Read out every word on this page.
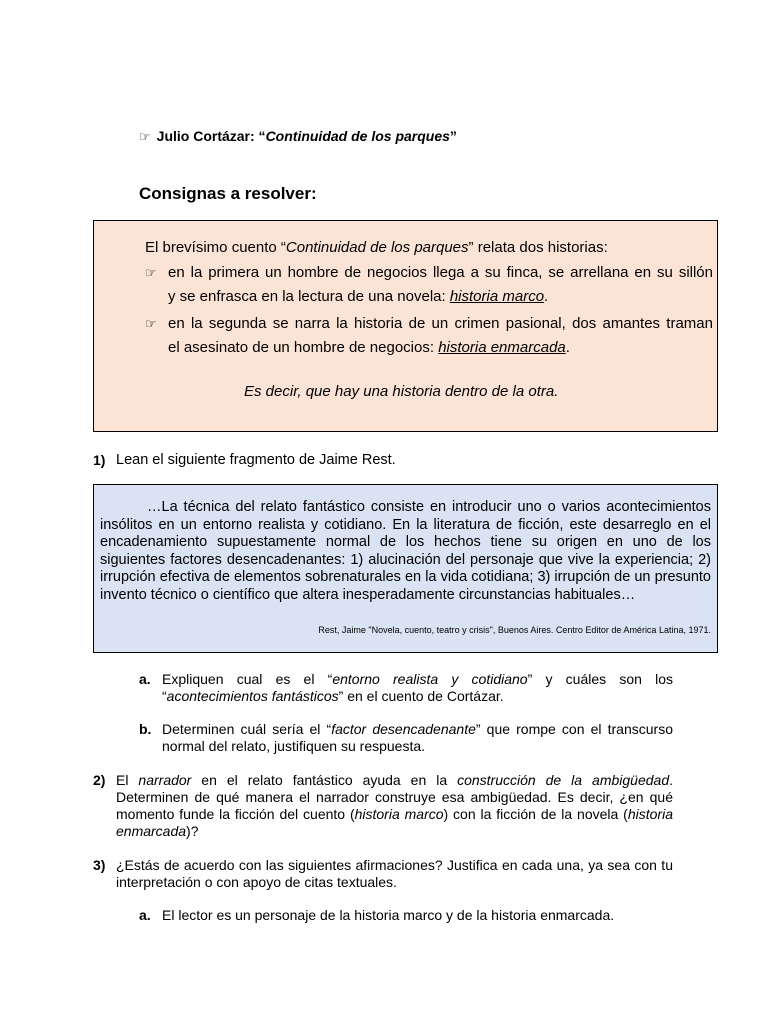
☞ Julio Cortázar: “Continuidad de los parques”
Consignas a resolver:
El brevísimo cuento “Continuidad de los parques” relata dos historias:
☞ en la primera un hombre de negocios llega a su finca, se arrellana en su sillón
y se enfrasca en la lectura de una novela: historia marco.
☞ en la segunda se narra la historia de un crimen pasional, dos amantes traman
el asesinato de un hombre de negocios: historia enmarcada.
Es decir, que hay una historia dentro de la otra.
1) Lean el siguiente fragmento de Jaime Rest.

…La técnica del relato fantástico consiste en introducir uno o varios acontecimientos insólitos en un entorno realista y cotidiano. En la literatura de ficción, este desarreglo en el encadenamiento supuestamente normal de los hechos tiene su origen en uno de los siguientes factores desencadenantes: 1) alucinación del personaje que vive la experiencia; 2) irrupción efectiva de elementos sobrenaturales en la vida cotidiana; 3) irrupción de un presunto invento técnico o científico que altera inesperadamente circunstancias habituales…

Rest, Jaime "Novela, cuento, teatro y crisis", Buenos Aires. Centro Editor de América Latina, 1971.
a. Expliquen cual es el “entorno realista y cotidiano” y cuáles son los “acontecimientos fantásticos” en el cuento de Cortázar.
b. Determinen cuál sería el “factor desencadenante” que rompe con el transcurso normal del relato, justifiquen su respuesta.
2) El narrador en el relato fantástico ayuda en la construcción de la ambigüedad. Determinen de qué manera el narrador construye esa ambigüedad. Es decir, ¿en qué momento funde la ficción del cuento (historia marco) con la ficción de la novela (historia enmarcada)?
3) ¿Estás de acuerdo con las siguientes afirmaciones? Justifica en cada una, ya sea con tu interpretación o con apoyo de citas textuales.
a. El lector es un personaje de la historia marco y de la historia enmarcada.
